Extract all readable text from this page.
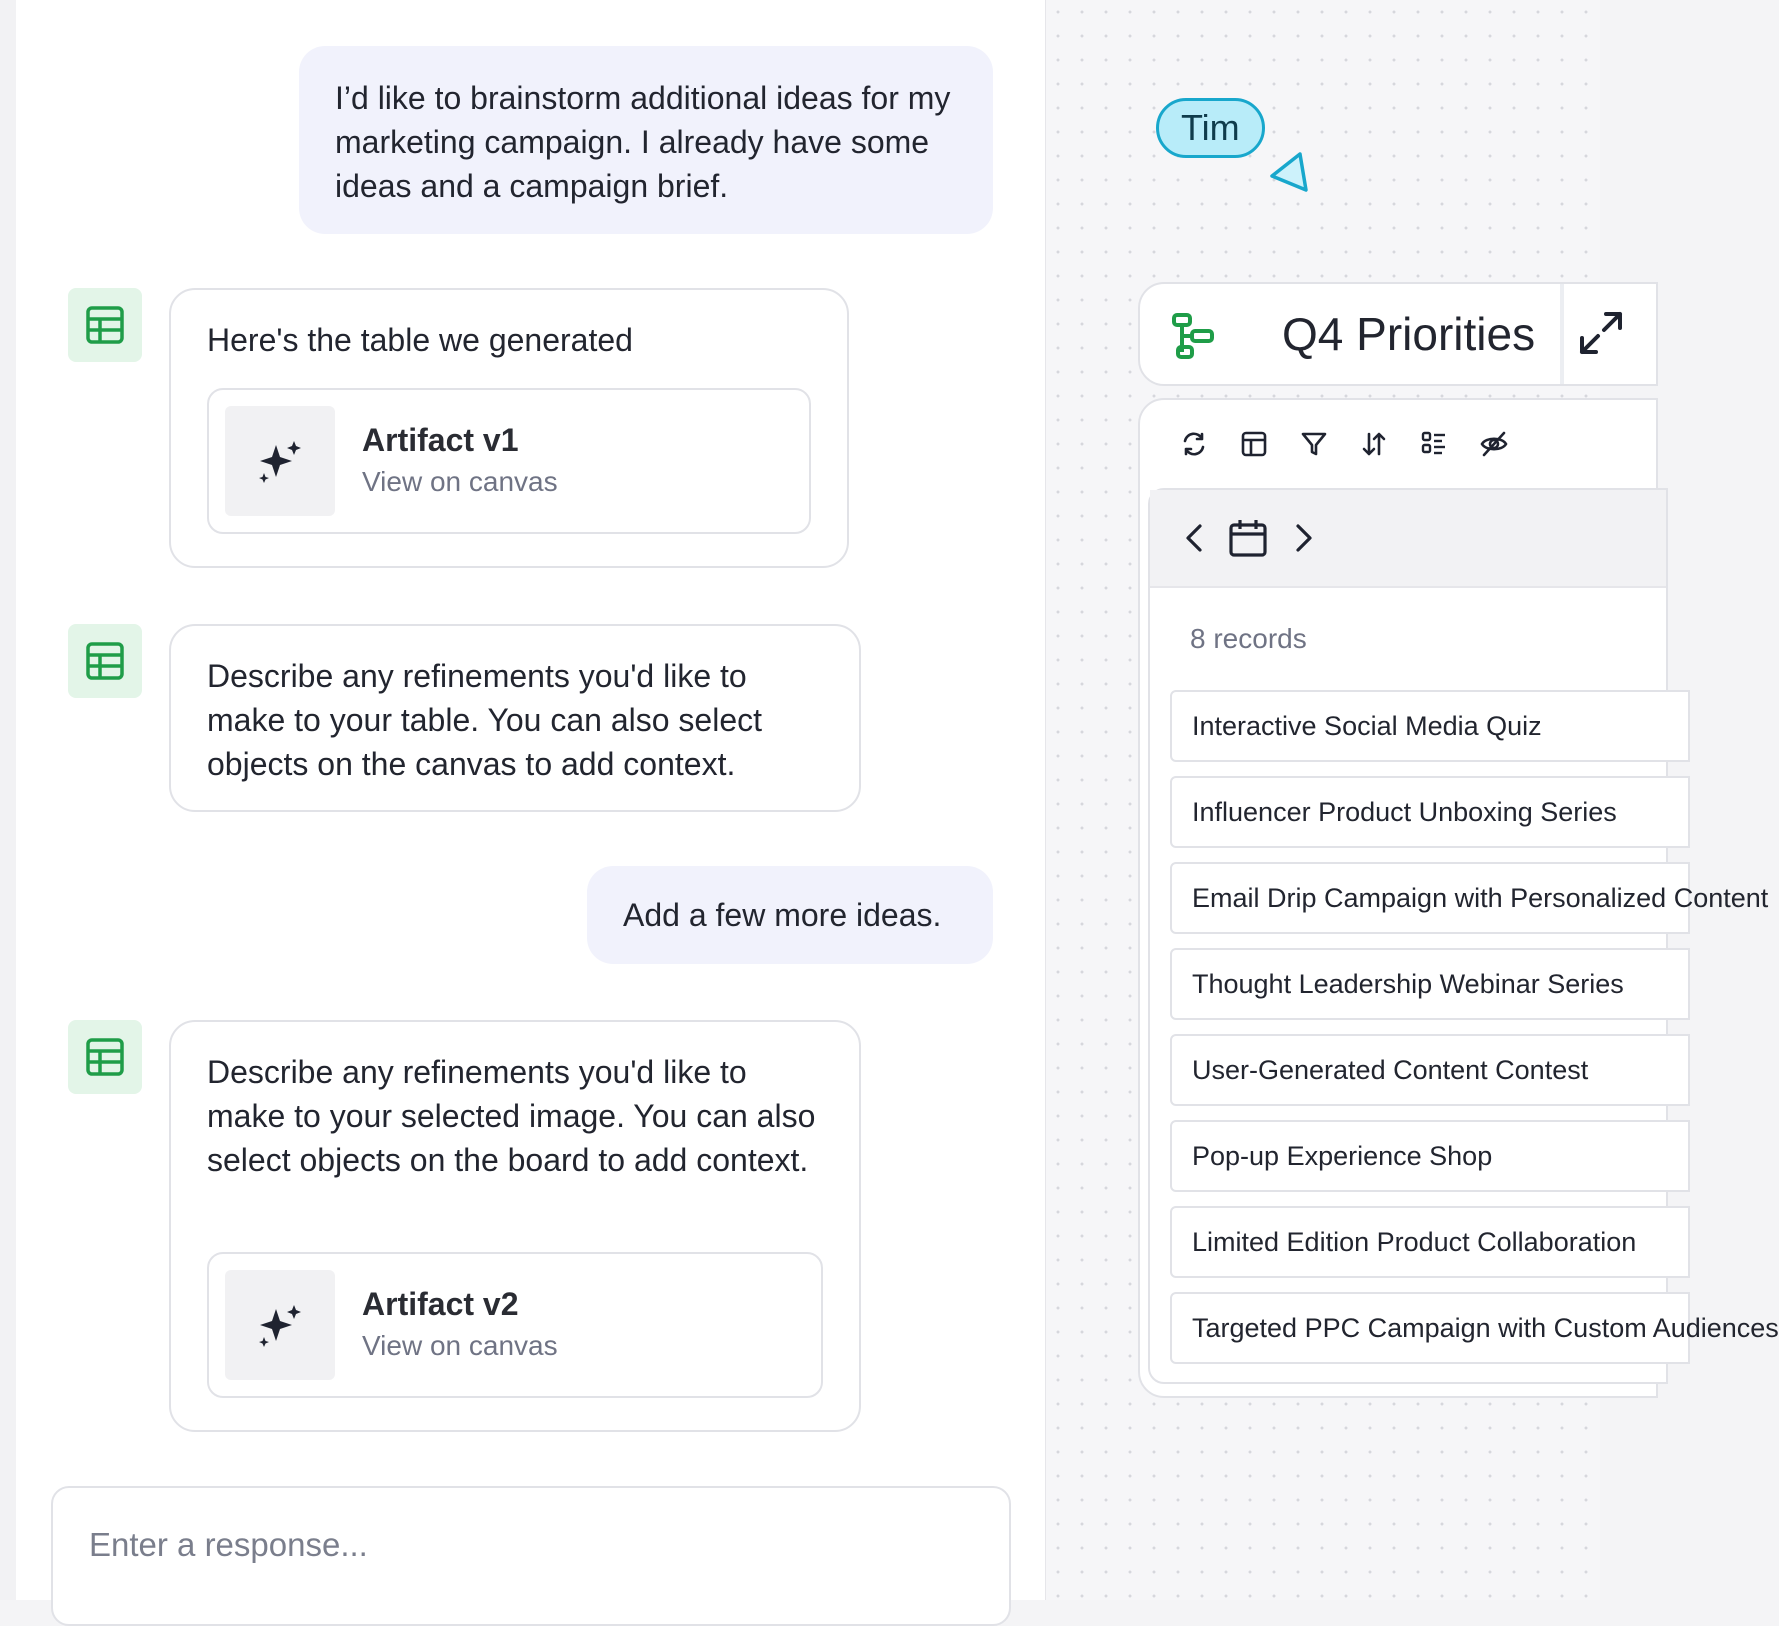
I’d like to brainstorm additional ideas for my marketing campaign. I already have some ideas and a campaign brief.
Here's the table we generated
Artifact v1
View on canvas
Describe any refinements you'd like to make to your table. You can also select objects on the canvas to add context.
Add a few more ideas.
Describe any refinements you'd like to make to your selected image. You can also select objects on the board to add context.
Artifact v2
View on canvas
Enter a response...
Tim
Q4 Priorities
8 records
Interactive Social Media Quiz
Influencer Product Unboxing Series
Email Drip Campaign with Personalized Content
Thought Leadership Webinar Series
User-Generated Content Contest
Pop-up Experience Shop
Limited Edition Product Collaboration
Targeted PPC Campaign with Custom Audiences
